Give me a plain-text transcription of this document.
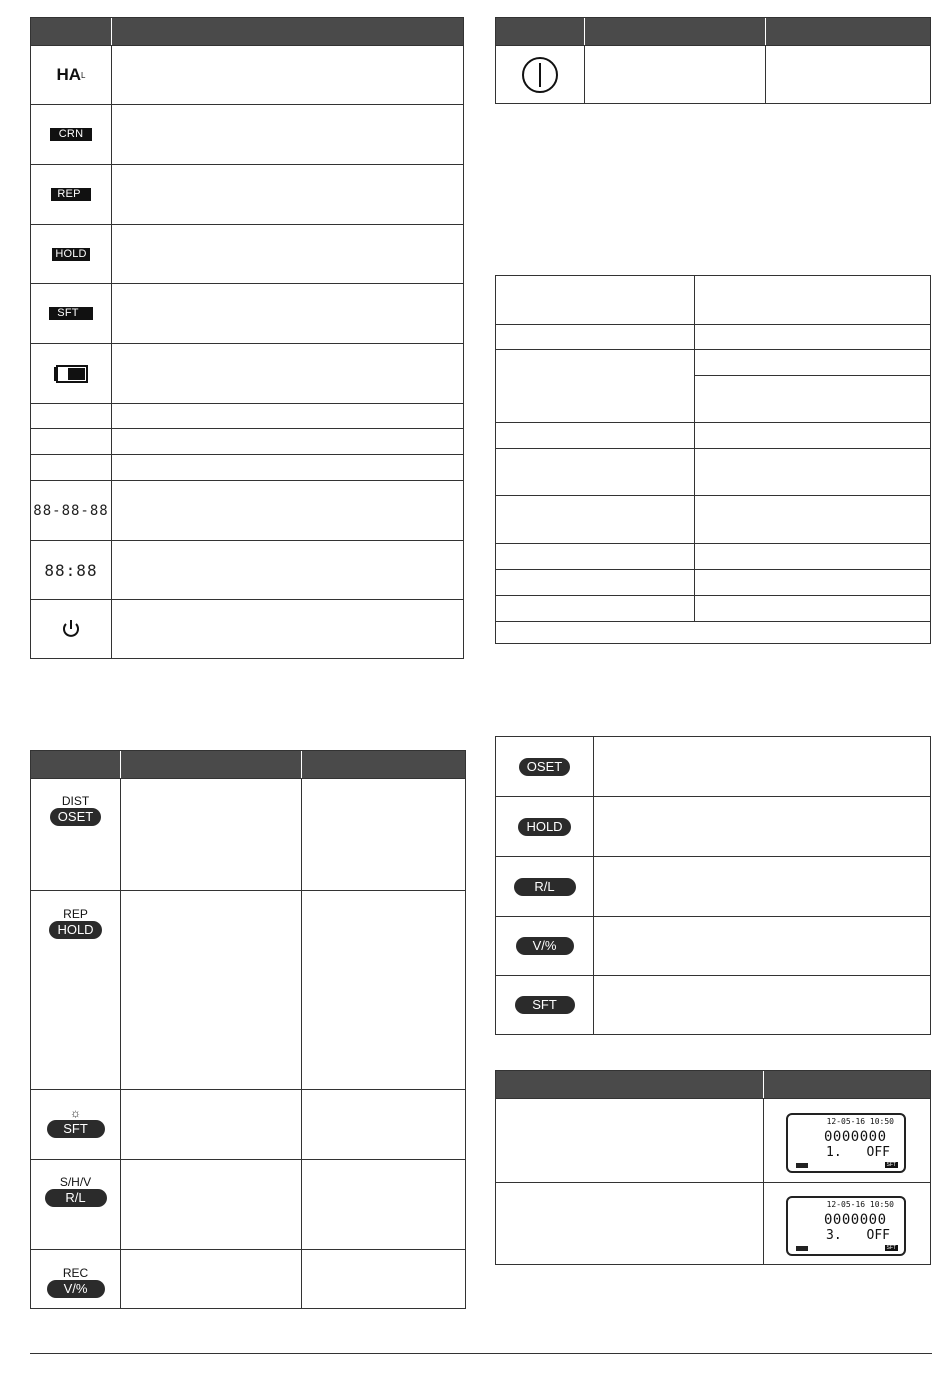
HA L
CRN
REP
HOLD
SFT
88-88-88
88:88
DIST
OSET
REP
HOLD
☼
SFT
S/H/V
R/L
REC
V/%
OSET
HOLD
R/L
V/%
SFT
12-05-16 10:50
0000000
1. OFF
SFT
12-05-16 10:50
0000000
3. OFF
SFT
